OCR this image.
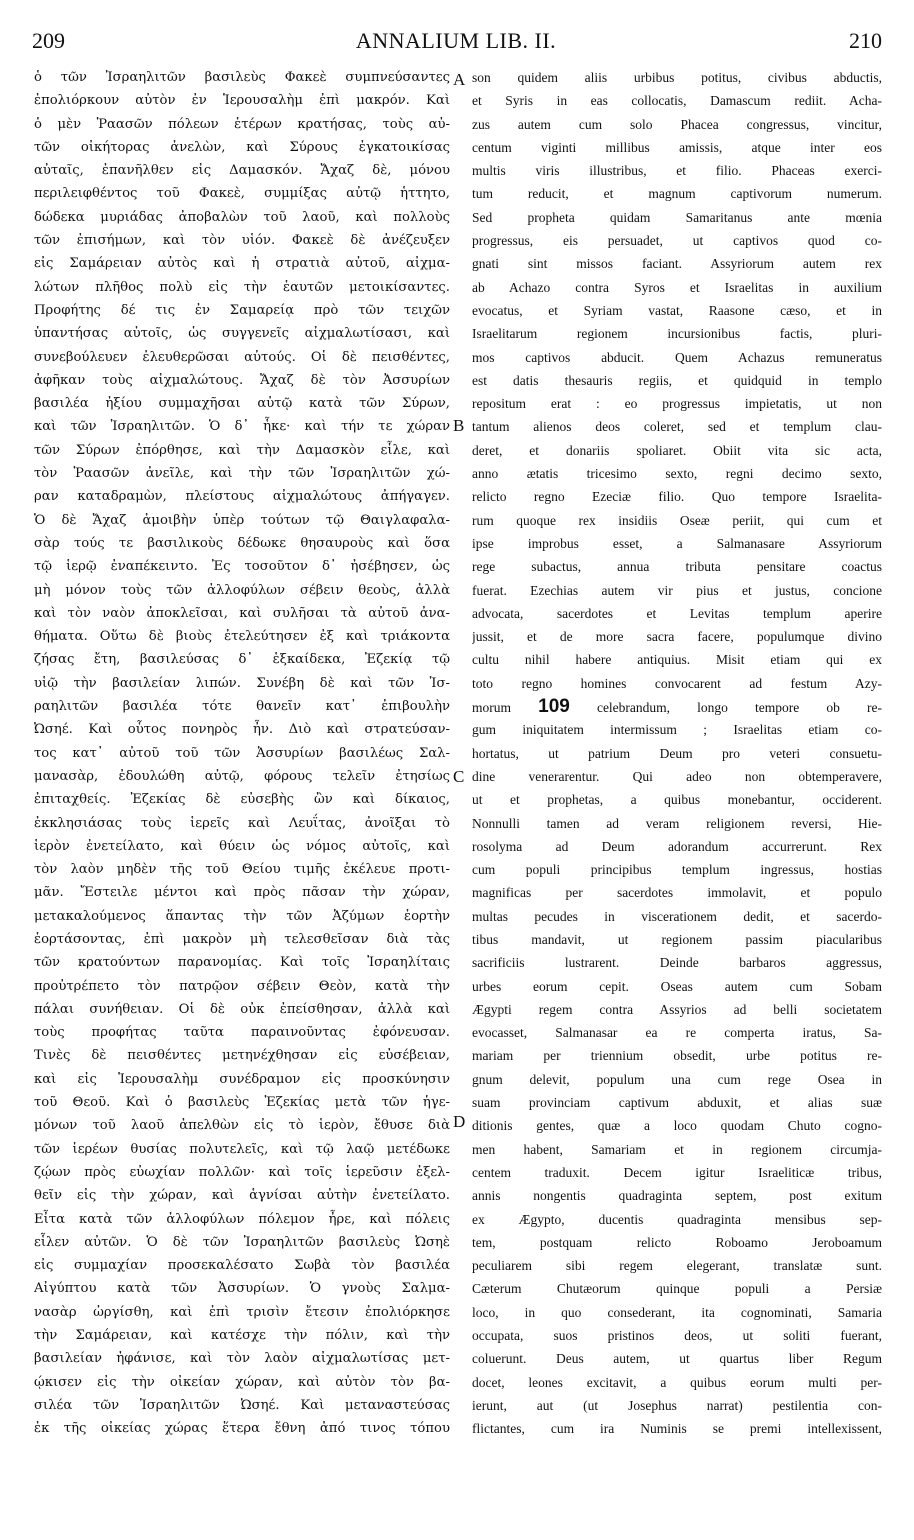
209	ANNALIUM LIB. II.	210
A
B
C
D
ὁ τῶν Ἰσραηλιτῶν βασιλεὺς Φακεὲ συμπνεύσαντες
ἐπολιόρκουν αὐτὸν ἐν Ἱερουσαλὴμ ἐπὶ μακρόν. Καὶ
ὁ μὲν Ῥαασῶν πόλεων ἑτέρων κρατήσας, τοὺς αὐ-
τῶν οἰκήτορας ἀνελὼν, καὶ Σύρους ἐγκατοικίσας
αὐταῖς, ἐπανῆλθεν εἰς Δαμασκόν. Ἄχαζ δὲ, μόνου
περιλειφθέντος τοῦ Φακεὲ, συμμίξας αὐτῷ ἡττητο,
δώδεκα μυριάδας ἀποβαλὼν τοῦ λαοῦ, καὶ πολλοὺς
τῶν ἐπισήμων, καὶ τὸν υἱόν. Φακεὲ δὲ ἀνέζευξεν
εἰς Σαμάρειαν αὐτὸς καὶ ἡ στρατιὰ αὐτοῦ, αἰχμα-
λώτων πλῆθος πολὺ εἰς τὴν ἑαυτῶν μετοικίσαντες.
Προφήτης δέ τις ἐν Σαμαρείᾳ πρὸ τῶν τειχῶν
ὑπαντήσας αὐτοῖς, ὡς συγγενεῖς αἰχμαλωτίσασι, καὶ
συνεβούλευεν ἐλευθερῶσαι αὐτούς. Οἱ δὲ πεισθέντες,
ἀφῆκαν τοὺς αἰχμαλώτους. Ἄχαζ δὲ τὸν Ἀσσυρίων
βασιλέα ἠξίου συμμαχῆσαι αὐτῷ κατὰ τῶν Σύρων,
καὶ τῶν Ἰσραηλιτῶν. Ὁ δ᾽ ἧκε· καὶ τήν τε χώραν
τῶν Σύρων ἐπόρθησε, καὶ τὴν Δαμασκὸν εἷλε, καὶ
τὸν Ῥαασῶν ἀνεῖλε, καὶ τὴν τῶν Ἰσραηλιτῶν χώ-
ραν καταδραμὼν, πλείστους αἰχμαλώτους ἀπήγαγεν.
Ὁ δὲ Ἄχαζ ἀμοιβὴν ὑπὲρ τούτων τῷ Θαιγλαφαλα-
σὰρ τούς τε βασιλικοὺς δέδωκε θησαυροὺς καὶ ὅσα
τῷ ἱερῷ ἐναπέκειντο. Ἐς τοσοῦτον δ᾽ ἠσέβησεν, ὡς
μὴ μόνον τοὺς τῶν ἀλλοφύλων σέβειν θεοὺς, ἀλλὰ
καὶ τὸν ναὸν ἀποκλεῖσαι, καὶ συλῆσαι τὰ αὐτοῦ ἀνα-
θήματα. Οὕτω δὲ βιοὺς ἐτελεύτησεν ἐξ καὶ τριάκοντα
ζήσας ἔτη, βασιλεύσας δ᾽ ἑξκαίδεκα, Ἐζεκίᾳ τῷ
υἱῷ τὴν βασιλείαν λιπών. Συνέβη δὲ καὶ τῶν Ἰσ-
ραηλιτῶν βασιλέα τότε θανεῖν κατ᾽ ἐπιβουλὴν
Ὠσηέ. Καὶ οὗτος πονηρὸς ἦν. Διὸ καὶ στρατεύσαν-
τος κατ᾽ αὐτοῦ τοῦ τῶν Ἀσσυρίων βασιλέως Σαλ-
μανασὰρ, ἐδουλώθη αὐτῷ, φόρους τελεῖν ἐτησίως
ἐπιταχθείς. Ἐζεκίας δὲ εὐσεβὴς ὢν καὶ δίκαιος,
ἐκκλησιάσας τοὺς ἱερεῖς καὶ Λευΐτας, ἀνοῖξαι τὸ
ἱερὸν ἐνετείλατο, καὶ θύειν ὡς νόμος αὐτοῖς, καὶ
τὸν λαὸν μηδὲν τῆς τοῦ Θείου τιμῆς ἐκέλευε προτι-
μᾶν. Ἔστειλε μέντοι καὶ πρὸς πᾶσαν τὴν χώραν,
μετακαλούμενος ἅπαντας τὴν τῶν Ἀζύμων ἑορτὴν
ἑορτάσοντας, ἐπὶ μακρὸν μὴ τελεσθεῖσαν διὰ τὰς
τῶν κρατούντων παρανομίας. Καὶ τοῖς Ἰσραηλίταις
προὐτρέπετο τὸν πατρῷον σέβειν Θεὸν, κατὰ τὴν
πάλαι συνήθειαν. Οἱ δὲ οὐκ ἐπείσθησαν, ἀλλὰ καὶ
τοὺς προφήτας ταῦτα παραινοῦντας ἐφόνευσαν.
Τινὲς δὲ πεισθέντες μετηνέχθησαν εἰς εὐσέβειαν,
καὶ εἰς Ἱερουσαλὴμ συνέδραμον εἰς προσκύνησιν
τοῦ Θεοῦ. Καὶ ὁ βασιλεὺς Ἐζεκίας μετὰ τῶν ἡγε-
μόνων τοῦ λαοῦ ἀπελθὼν εἰς τὸ ἱερὸν, ἔθυσε διὰ
τῶν ἱερέων θυσίας πολυτελεῖς, καὶ τῷ λαῷ μετέδωκε
ζῴων πρὸς εὐωχίαν πολλῶν· καὶ τοῖς ἱερεῦσιν ἐξελ-
θεῖν εἰς τὴν χώραν, καὶ ἁγνίσαι αὐτὴν ἐνετείλατο.
Εἶτα κατὰ τῶν ἀλλοφύλων πόλεμον ἦρε, καὶ πόλεις
εἷλεν αὐτῶν. Ὁ δὲ τῶν Ἰσραηλιτῶν βασιλεὺς Ὠσηὲ
εἰς συμμαχίαν προσεκαλέσατο Σωβὰ τὸν βασιλέα
Αἰγύπτου κατὰ τῶν Ἀσσυρίων. Ὁ γνοὺς Σαλμα-
νασὰρ ὠργίσθη, καὶ ἐπὶ τρισὶν ἔτεσιν ἐπολιόρκησε
τὴν Σαμάρειαν, καὶ κατέσχε τὴν πόλιν, καὶ τὴν
βασιλείαν ἠφάνισε, καὶ τὸν λαὸν αἰχμαλωτίσας μετ-
ῴκισεν εἰς τὴν οἰκείαν χώραν, καὶ αὐτὸν τὸν βα-
σιλέα τῶν Ἰσραηλιτῶν Ὠσηέ. Καὶ μεταναστεύσας
ἐκ τῆς οἰκείας χώρας ἕτερα ἔθνη ἀπό τινος τόπου
son quidem aliis urbibus potitus, civibus abductis,
et Syris in eas collocatis, Damascum rediit. Acha-
zus autem cum solo Phacea congressus, vincitur,
centum viginti millibus amissis, atque inter eos
multis viris illustribus, et filio. Phaceas exerci-
tum reducit, et magnum captivorum numerum.
Sed propheta quidam Samaritanus ante mœnia
progressus, eis persuadet, ut captivos quod co-
gnati sint missos faciant. Assyriorum autem rex
ab Achazo contra Syros et Israelitas in auxilium
evocatus, et Syriam vastat, Raasone cæso, et in
Israelitarum regionem incursionibus factis, pluri-
mos captivos abducit. Quem Achazus remuneratus
est datis thesauris regiis, et quidquid in templo
repositum erat : eo progressus impietatis, ut non
tantum alienos deos coleret, sed et templum clau-
deret, et donariis spoliaret. Obiit vita sic acta,
anno ætatis tricesimo sexto, regni decimo sexto,
relicto regno Ezeciæ filio. Quo tempore Israelita-
rum quoque rex insidiis Oseæ periit, qui cum et
ipse improbus esset, a Salmanasare Assyriorum
rege subactus, annua tributa pensitare coactus
fuerat. Ezechias autem vir pius et justus, concione
advocata, sacerdotes et Levitas templum aperire
jussit, et de more sacra facere, populumque divino
cultu nihil habere antiquius. Misit etiam qui ex
toto regno homines convocarent ad festum Azy-
morum 109 celebrandum, longo tempore ob re-
gum iniquitatem intermissum ; Israelitas etiam co-
hortatus, ut patrium Deum pro veteri consuetu-
dine venerarentur. Qui adeo non obtemperavere,
ut et prophetas, a quibus monebantur, occiderent.
Nonnulli tamen ad veram religionem reversi, Hie-
rosolyma ad Deum adorandum accurrerunt. Rex
cum populi principibus templum ingressus, hostias
magnificas per sacerdotes immolavit, et populo
multas pecudes in viscerationem dedit, et sacerdo-
tibus mandavit, ut regionem passim piacularibus
sacrificiis lustrarent. Deinde barbaros aggressus,
urbes eorum cepit. Oseas autem cum Sobam
Ægypti regem contra Assyrios ad belli societatem
evocasset, Salmanasar ea re comperta iratus, Sa-
mariam per triennium obsedit, urbe potitus re-
gnum delevit, populum una cum rege Osea in
suam provinciam captivum abduxit, et alias suæ
ditionis gentes, quæ a loco quodam Chuto cogno-
men habent, Samariam et in regionem circumja-
centem traduxit. Decem igitur Israeliticæ tribus,
annis nongentis quadraginta septem, post exitum
ex Ægypto, ducentis quadraginta mensibus sep-
tem, postquam relicto Roboamo Jeroboamum
peculiarem sibi regem elegerant, translatæ sunt.
Cæterum Chutæorum quinque populi a Persiæ
loco, in quo consederant, ita cognominati, Samaria
occupata, suos pristinos deos, ut soliti fuerant,
coluerunt. Deus autem, ut quartus liber Regum
docet, leones excitavit, a quibus eorum multi per-
ierunt, aut (ut Josephus narrat) pestilentia con-
flictantes, cum ira Numinis se premi intellexissent,
